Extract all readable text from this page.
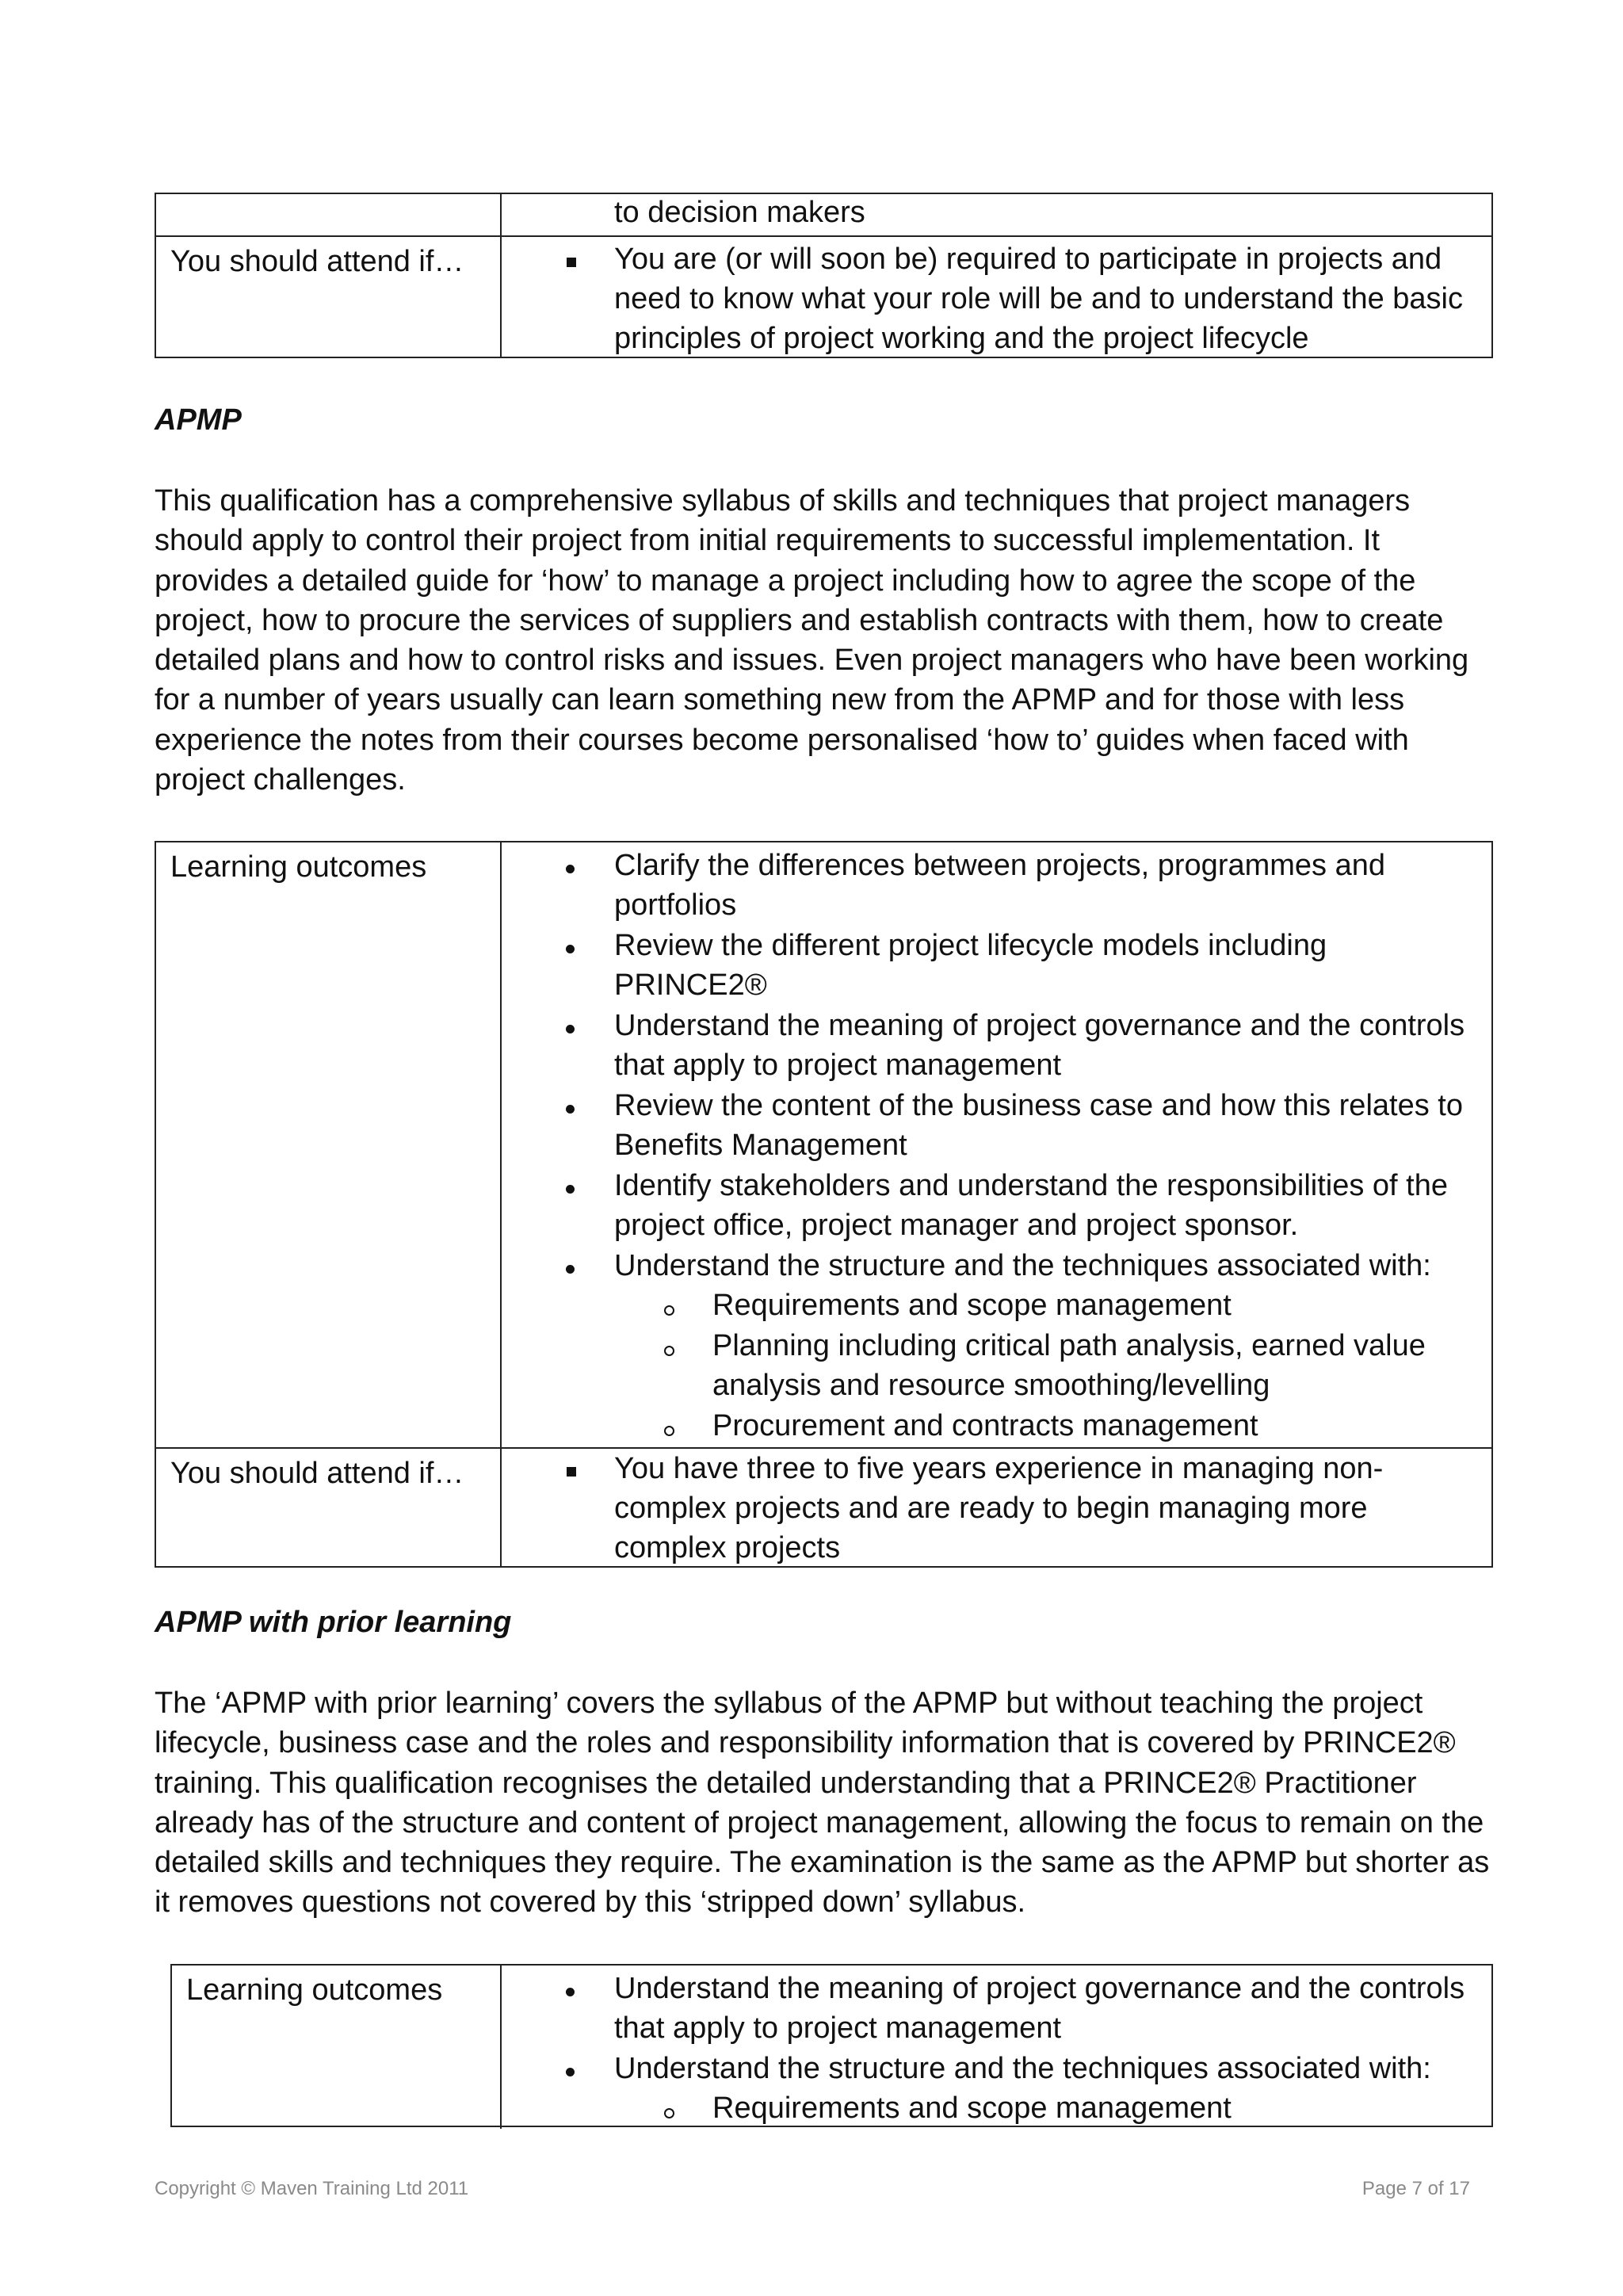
to decision makers
You should attend if…	You are (or will soon be) required to participate in projects and need to know what your role will be and to understand the basic principles of project working and the project lifecycle
APMP
This qualification has a comprehensive syllabus of skills and techniques that project managers should apply to control their project from initial requirements to successful implementation. It provides a detailed guide for ‘how’ to manage a project including how to agree the scope of the project, how to procure the services of suppliers and establish contracts with them, how to create detailed plans and how to control risks and issues. Even project managers who have been working for a number of years usually can learn something new from the APMP and for those with less experience the notes from their courses become personalised ‘how to’ guides when faced with project challenges.
Learning outcomes	Clarify the differences between projects, programmes and portfolios
Review the different project lifecycle models including PRINCE2®
Understand the meaning of project governance and the controls that apply to project management
Review the content of the business case and how this relates to Benefits Management
Identify stakeholders and understand the responsibilities of the project office, project manager and project sponsor.
Understand the structure and the techniques associated with:
Requirements and scope management
Planning including critical path analysis, earned value analysis and resource smoothing/levelling
Procurement and contracts management
You should attend if…	You have three to five years experience in managing non-complex projects and are ready to begin managing more complex projects
APMP with prior learning
The ‘APMP with prior learning’ covers the syllabus of the APMP but without teaching the project lifecycle, business case and the roles and responsibility information that is covered by PRINCE2® training. This qualification recognises the detailed understanding that a PRINCE2® Practitioner already has of the structure and content of project management, allowing the focus to remain on the detailed skills and techniques they require. The examination is the same as the APMP but shorter as it removes questions not covered by this ‘stripped down’ syllabus.
Learning outcomes	Understand the meaning of project governance and the controls that apply to project management
Understand the structure and the techniques associated with:
Requirements and scope management
Copyright © Maven Training Ltd 2011	Page 7 of 17
